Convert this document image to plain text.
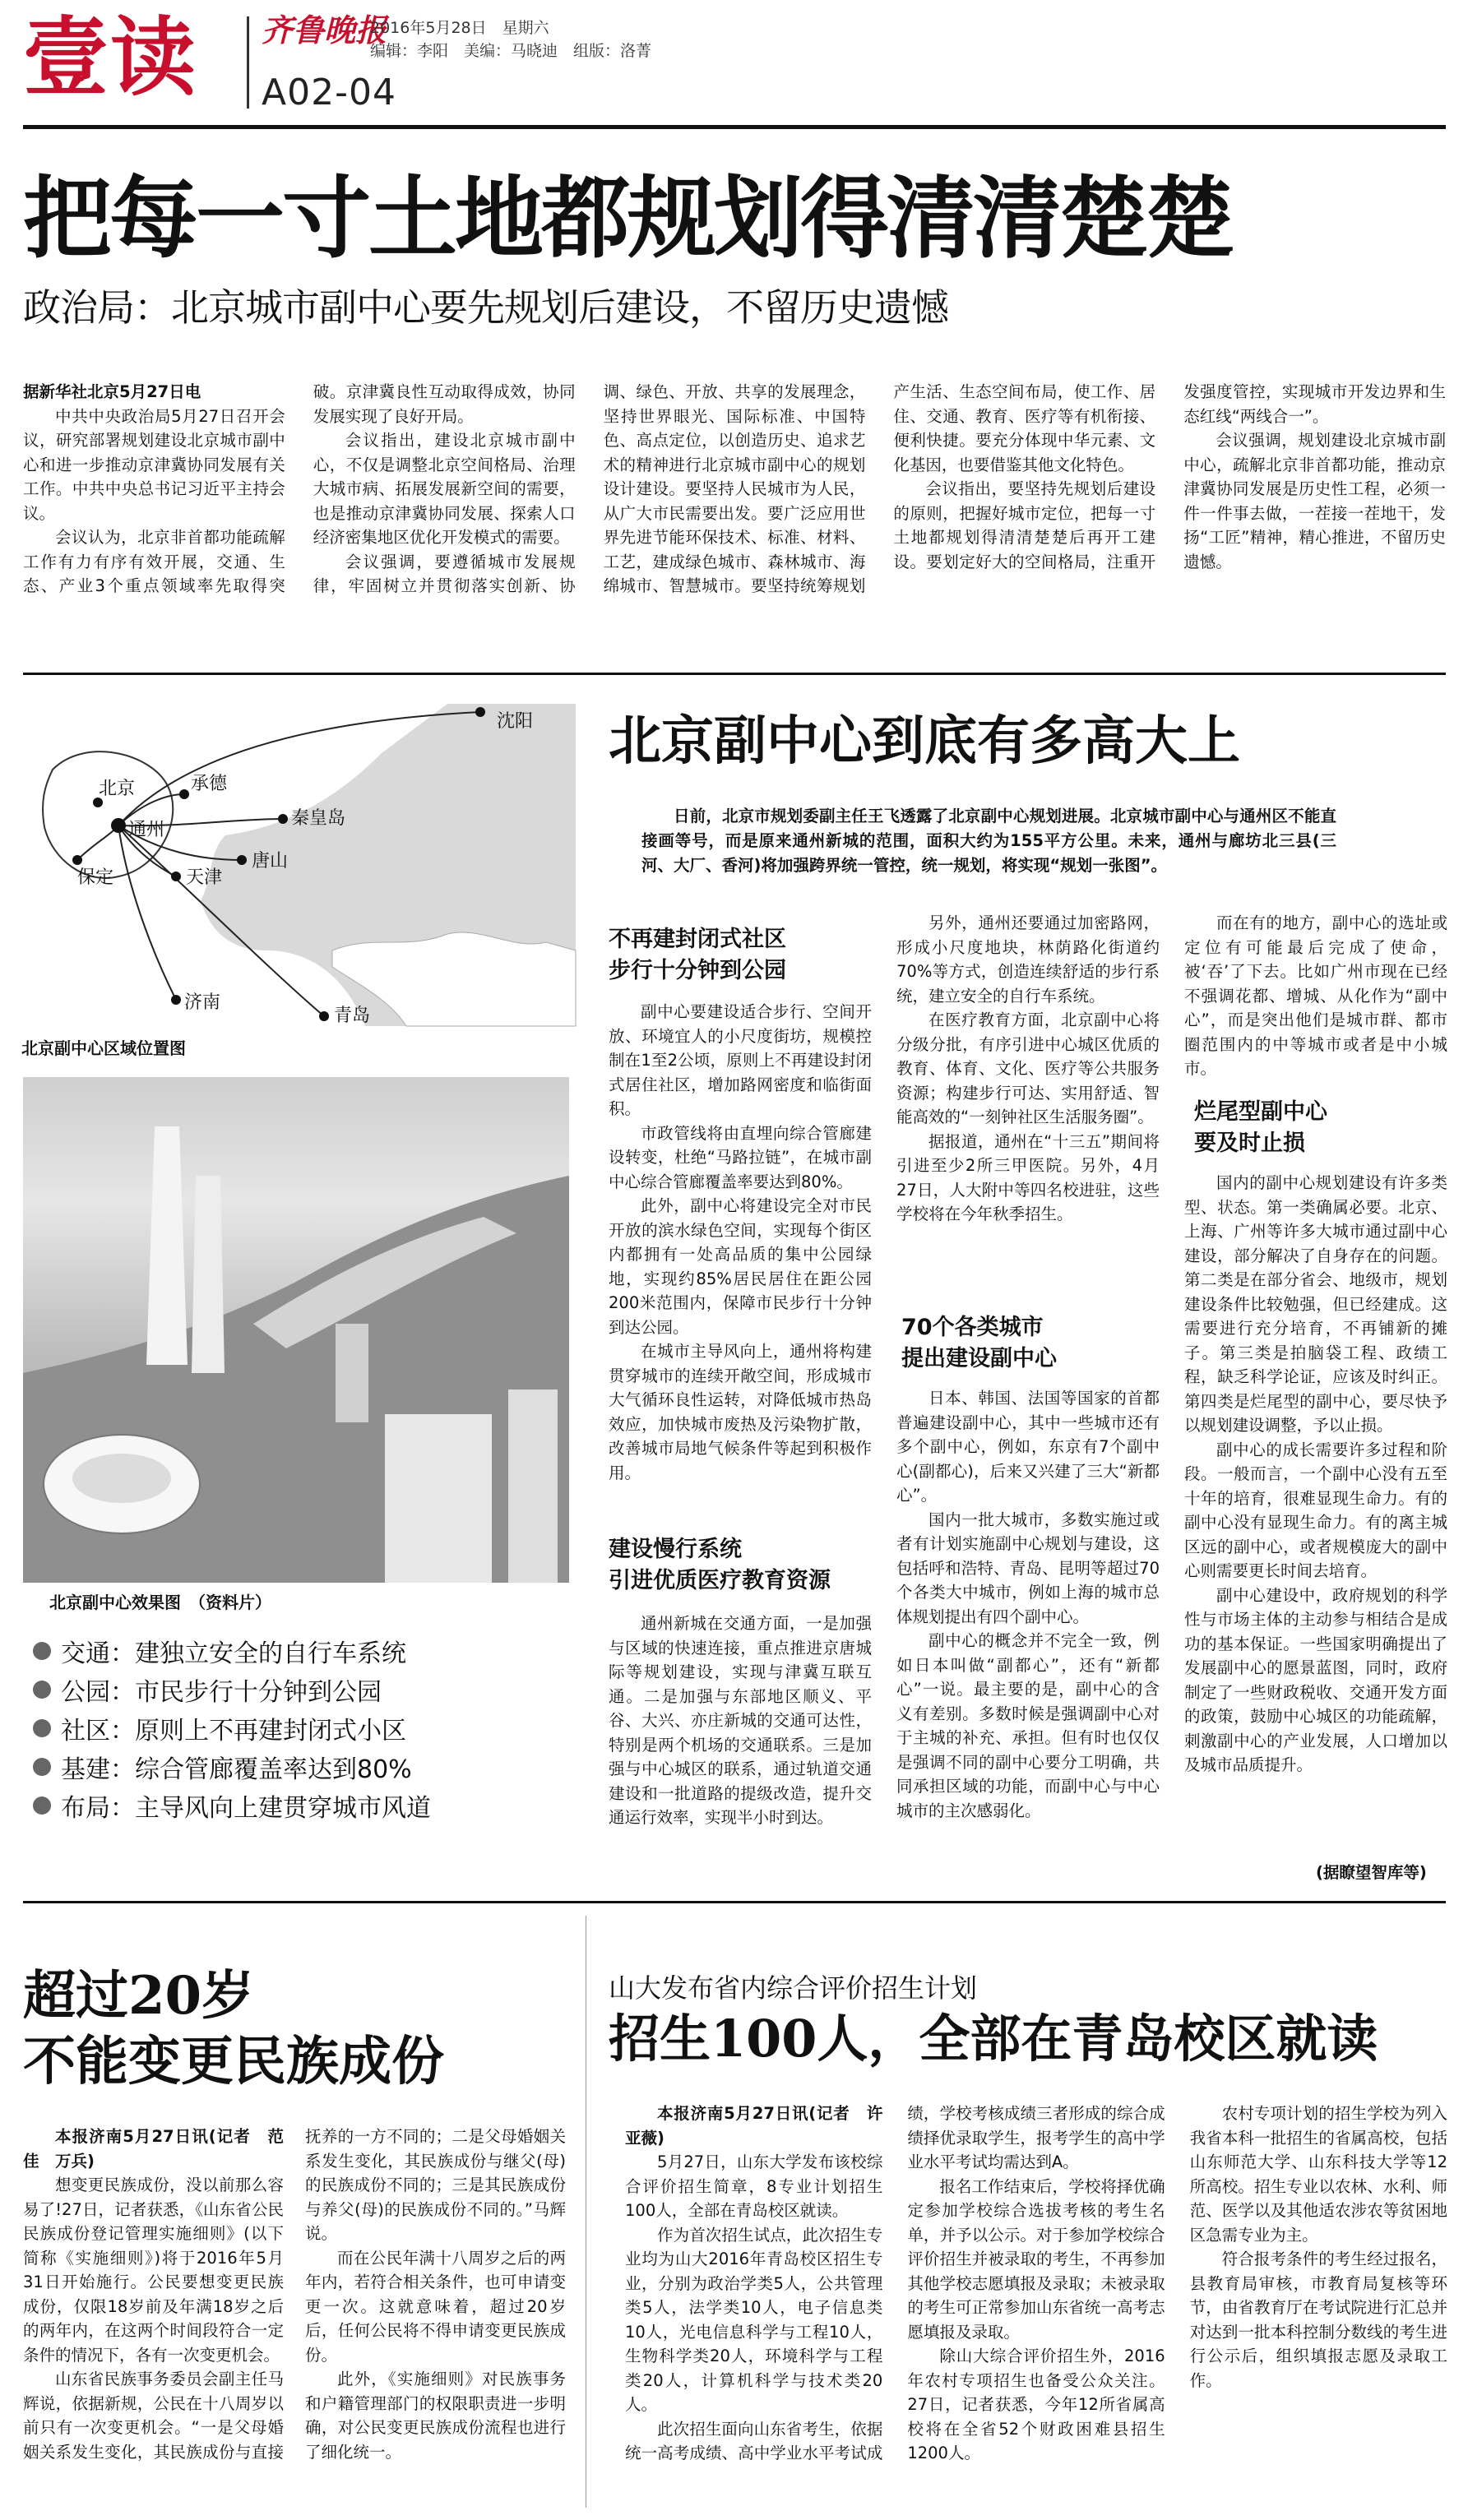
壹读 齐鲁晚报
2016年5月28日　星期六
编辑：李阳　美编：马晓迪　组版：洛菁
A02-04
把每一寸土地都规划得清清楚楚
政治局：北京城市副中心要先规划后建设，不留历史遗憾

据新华社北京5月27日电

中共中央政治局5月27日召开会议，研究部署规划建设北京城市副中心和进一步推动京津冀协同发展有关工作。中共中央总书记习近平主持会议。

会议认为，北京非首都功能疏解工作有力有序有效开展，交通、生态、产业3个重点领域率先取得突破。京津冀良性互动取得成效，协同发展实现了良好开局。

会议指出，建设北京城市副中心，不仅是调整北京空间格局、治理大城市病、拓展发展新空间的需要，也是推动京津冀协同发展、探索人口经济密集地区优化开发模式的需要。

会议强调，要遵循城市发展规律，牢固树立并贯彻落实创新、协调、绿色、开放、共享的发展理念，坚持世界眼光、国际标准、中国特色、高点定位，以创造历史、追求艺术的精神进行北京城市副中心的规划设计建设。要坚持人民城市为人民，从广大市民需要出发。要广泛应用世界先进节能环保技术、标准、材料、工艺，建成绿色城市、森林城市、海绵城市、智慧城市。要坚持统筹规划产生活、生态空间布局，使工作、居住、交通、教育、医疗等有机衔接、便利快捷。要充分体现中华元素、文化基因，也要借鉴其他文化特色。

会议指出，要坚持先规划后建设的原则，把握好城市定位，把每一寸土地都规划得清清楚楚后再开工建设。要划定好大的空间格局，注重开发强度管控，实现城市开发边界和生态红线“两线合一”。

会议强调，规划建设北京城市副中心，疏解北京非首都功能，推动京津冀协同发展是历史性工程，必须一件一件事去做，一茬接一茬地干，发扬“工匠”精神，精心推进，不留历史遗憾。

沈阳
承德
北京
通州
秦皇岛
唐山
保定	天津
济南
青岛
北京副中心区域位置图
北京副中心效果图　（资料片）
交通 ： 建独立安全的自行车系统
公园 ： 市民步行十分钟到公园
社区 ： 原则上不再建封闭式小区
基建 ： 综合管廊覆盖率达到80%
布局 ： 主导风向上建贯穿城市风道
北京副中心到底有多高大上
日前，北京市规划委副主任王飞透露了北京副中心规划进展。北京城市副中心与通州区不能直接画等号，而是原来通州新城的范围，面积大约为155平方公里。未来，通州与廊坊北三县(三河、大厂、香河)将加强跨界统一管控，统一规划，将实现“规划一张图”。
不再建封闭式社区
步行十分钟到公园

副中心要建设适合步行、空间开放、环境宜人的小尺度街坊，规模控制在1至2公顷，原则上不再建设封闭式居住社区，增加路网密度和临街面积。

市政管线将由直埋向综合管廊建设转变，杜绝“马路拉链”，在城市副中心综合管廊覆盖率要达到80%。

此外，副中心将建设完全对市民开放的滨水绿色空间，实现每个街区内都拥有一处高品质的集中公园绿地，实现约85%居民居住在距公园200米范围内，保障市民步行十分钟到达公园。

在城市主导风向上，通州将构建贯穿城市的连续开敞空间，形成城市大气循环良性运转，对降低城市热岛效应，加快城市废热及污染物扩散，改善城市局地气候条件等起到积极作用。

建设慢行系统
引进优质医疗教育资源

通州新城在交通方面，一是加强与区域的快速连接，重点推进京唐城际等规划建设，实现与津冀互联互通。二是加强与东部地区顺义、平谷、大兴、亦庄新城的交通可达性，特别是两个机场的交通联系。三是加强与中心城区的联系，通过轨道交通建设和一批道路的提级改造，提升交通运行效率，实现半小时到达。

另外，通州还要通过加密路网，形成小尺度地块，林荫路化街道约70%等方式，创造连续舒适的步行系统，建立安全的自行车系统。

在医疗教育方面，北京副中心将分级分批，有序引进中心城区优质的教育、体育、文化、医疗等公共服务资源；构建步行可达、实用舒适、智能高效的“一刻钟社区生活服务圈”。

据报道，通州在“十三五”期间将引进至少2所三甲医院。另外，4月27日，人大附中等四名校进驻，这些学校将在今年秋季招生。

70个各类城市
提出建设副中心

日本、韩国、法国等国家的首都普遍建设副中心，其中一些城市还有多个副中心，例如，东京有7个副中心(副都心)，后来又兴建了三大“新都心”。

国内一批大城市，多数实施过或者有计划实施副中心规划与建设，这包括呼和浩特、青岛、昆明等超过70个各类大中城市，例如上海的城市总体规划提出有四个副中心。

副中心的概念并不完全一致，例如日本叫做“副都心”，还有“新都心”一说。最主要的是，副中心的含义有差别。多数时候是强调副中心对于主城的补充、承担。但有时也仅仅是强调不同的副中心要分工明确，共同承担区域的功能，而副中心与中心城市的主次感弱化。

而在有的地方，副中心的选址或定位有可能最后完成了使命，被‘吞’了下去。比如广州市现在已经不强调花都、增城、从化作为“副中心”，而是突出他们是城市群、都市圈范围内的中等城市或者是中小城市。

烂尾型副中心
要及时止损

国内的副中心规划建设有许多类型、状态。第一类确属必要。北京、上海、广州等许多大城市通过副中心建设，部分解决了自身存在的问题。第二类是在部分省会、地级市，规划建设条件比较勉强，但已经建成。这需要进行充分培育，不再铺新的摊子。第三类是拍脑袋工程、政绩工程，缺乏科学论证，应该及时纠正。第四类是烂尾型的副中心，要尽快予以规划建设调整，予以止损。

副中心的成长需要许多过程和阶段。一般而言，一个副中心没有五至十年的培育，很难显现生命力。有的副中心没有显现生命力。有的离主城区远的副中心，或者规模庞大的副中心则需要更长时间去培育。

副中心建设中，政府规划的科学性与市场主体的主动参与相结合是成功的基本保证。一些国家明确提出了发展副中心的愿景蓝图，同时，政府制定了一些财政税收、交通开发方面的政策，鼓励中心城区的功能疏解，刺激副中心的产业发展，人口增加以及城市品质提升。

(据瞭望智库等)
超过20岁
不能变更民族成份

本报济南5月27日讯(记者　范佳　万兵)

想变更民族成份，没以前那么容易了!27日，记者获悉，《山东省公民民族成份登记管理实施细则》(以下简称《实施细则》)将于2016年5月31日开始施行。公民要想变更民族成份，仅限18岁前及年满18岁之后的两年内，在这两个时间段符合一定条件的情况下，各有一次变更机会。

山东省民族事务委员会副主任马辉说，依据新规，公民在十八周岁以前只有一次变更机会。“一是父母婚姻关系发生变化，其民族成份与直接抚养的一方不同的；二是父母婚姻关系发生变化，其民族成份与继父(母)的民族成份不同的；三是其民族成份与养父(母)的民族成份不同的。”马辉说。

而在公民年满十八周岁之后的两年内，若符合相关条件，也可申请变更一次。这就意味着，超过20岁后，任何公民将不得申请变更民族成份。

此外，《实施细则》对民族事务和户籍管理部门的权限职责进一步明确，对公民变更民族成份流程也进行了细化统一。

山大发布省内综合评价招生计划
招生100人，全部在青岛校区就读

本报济南5月27日讯(记者　许亚薇)

5月27日，山东大学发布该校综合评价招生简章，8专业计划招生100人，全部在青岛校区就读。

作为首次招生试点，此次招生专业均为山大2016年青岛校区招生专业，分别为政治学类5人，公共管理类5人，法学类10人，电子信息类10人，光电信息科学与工程10人，生物科学类20人，环境科学与工程类20人，计算机科学与技术类20人。

此次招生面向山东省考生，依据统一高考成绩、高中学业水平考试成绩，学校考核成绩三者形成的综合成绩择优录取学生，报考学生的高中学业水平考试均需达到A。

报名工作结束后，学校将择优确定参加学校综合选拔考核的考生名单，并予以公示。对于参加学校综合评价招生并被录取的考生，不再参加其他学校志愿填报及录取；未被录取的考生可正常参加山东省统一高考志愿填报及录取。

除山大综合评价招生外，2016年农村专项招生也备受公众关注。27日，记者获悉，今年12所省属高校将在全省52个财政困难县招生1200人。

农村专项计划的招生学校为列入我省本科一批招生的省属高校，包括山东师范大学、山东科技大学等12所高校。招生专业以农林、水利、师范、医学以及其他适农涉农等贫困地区急需专业为主。

符合报考条件的考生经过报名，县教育局审核，市教育局复核等环节，由省教育厅在考试院进行汇总并对达到一批本科控制分数线的考生进行公示后，组织填报志愿及录取工作。
